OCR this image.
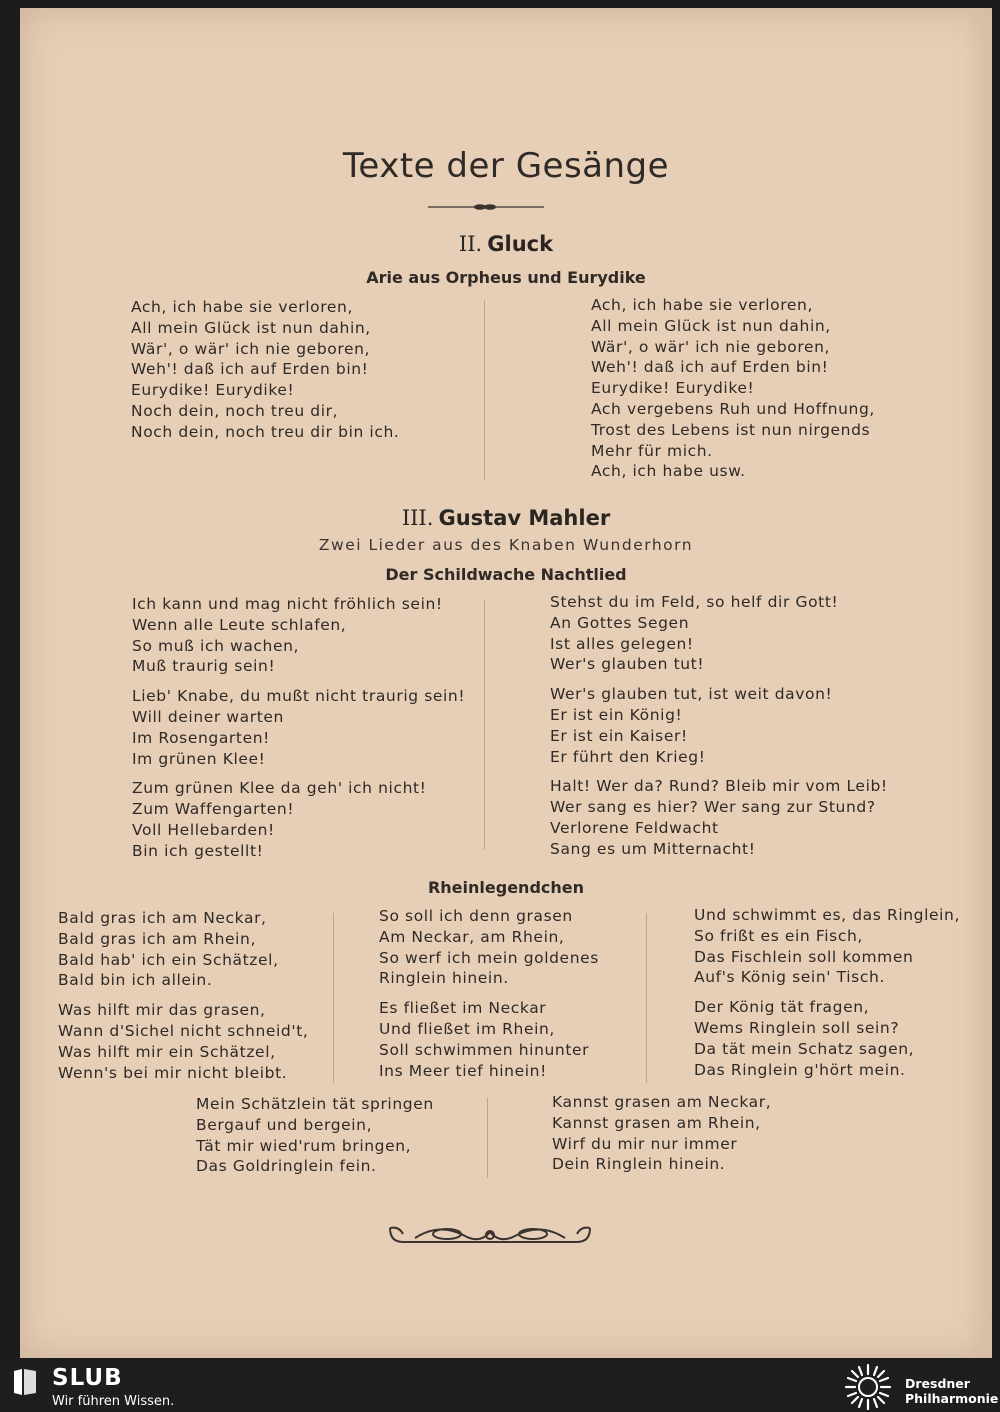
Texte der Gesänge
II. Gluck
Arie aus Orpheus und Eurydike
Ach, ich habe sie verloren,
All mein Glück ist nun dahin,
Wär', o wär' ich nie geboren,
Weh'! daß ich auf Erden bin!
Eurydike! Eurydike!
Noch dein, noch treu dir,
Noch dein, noch treu dir bin ich.
Ach, ich habe sie verloren,
All mein Glück ist nun dahin,
Wär', o wär' ich nie geboren,
Weh'! daß ich auf Erden bin!
Eurydike! Eurydike!
Ach vergebens Ruh und Hoffnung,
Trost des Lebens ist nun nirgends
Mehr für mich.
Ach, ich habe usw.
III. Gustav Mahler
Zwei Lieder aus des Knaben Wunderhorn
Der Schildwache Nachtlied
Ich kann und mag nicht fröhlich sein!
Wenn alle Leute schlafen,
So muß ich wachen,
Muß traurig sein!
Lieb' Knabe, du mußt nicht traurig sein!
Will deiner warten
Im Rosengarten!
Im grünen Klee!
Zum grünen Klee da geh' ich nicht!
Zum Waffengarten!
Voll Hellebarden!
Bin ich gestellt!
Stehst du im Feld, so helf dir Gott!
An Gottes Segen
Ist alles gelegen!
Wer's glauben tut!
Wer's glauben tut, ist weit davon!
Er ist ein König!
Er ist ein Kaiser!
Er führt den Krieg!
Halt! Wer da? Rund? Bleib mir vom Leib!
Wer sang es hier? Wer sang zur Stund?
Verlorene Feldwacht
Sang es um Mitternacht!
Rheinlegendchen
Bald gras ich am Neckar,
Bald gras ich am Rhein,
Bald hab' ich ein Schätzel,
Bald bin ich allein.
Was hilft mir das grasen,
Wann d'Sichel nicht schneid't,
Was hilft mir ein Schätzel,
Wenn's bei mir nicht bleibt.
So soll ich denn grasen
Am Neckar, am Rhein,
So werf ich mein goldenes
Ringlein hinein.
Es fließet im Neckar
Und fließet im Rhein,
Soll schwimmen hinunter
Ins Meer tief hinein!
Und schwimmt es, das Ringlein,
So frißt es ein Fisch,
Das Fischlein soll kommen
Auf's König sein' Tisch.
Der König tät fragen,
Wems Ringlein soll sein?
Da tät mein Schatz sagen,
Das Ringlein g'hört mein.
Mein Schätzlein tät springen
Bergauf und bergein,
Tät mir wied'rum bringen,
Das Goldringlein fein.
Kannst grasen am Neckar,
Kannst grasen am Rhein,
Wirf du mir nur immer
Dein Ringlein hinein.
SLUB
Wir führen Wissen.
Dresdner
Philharmonie
